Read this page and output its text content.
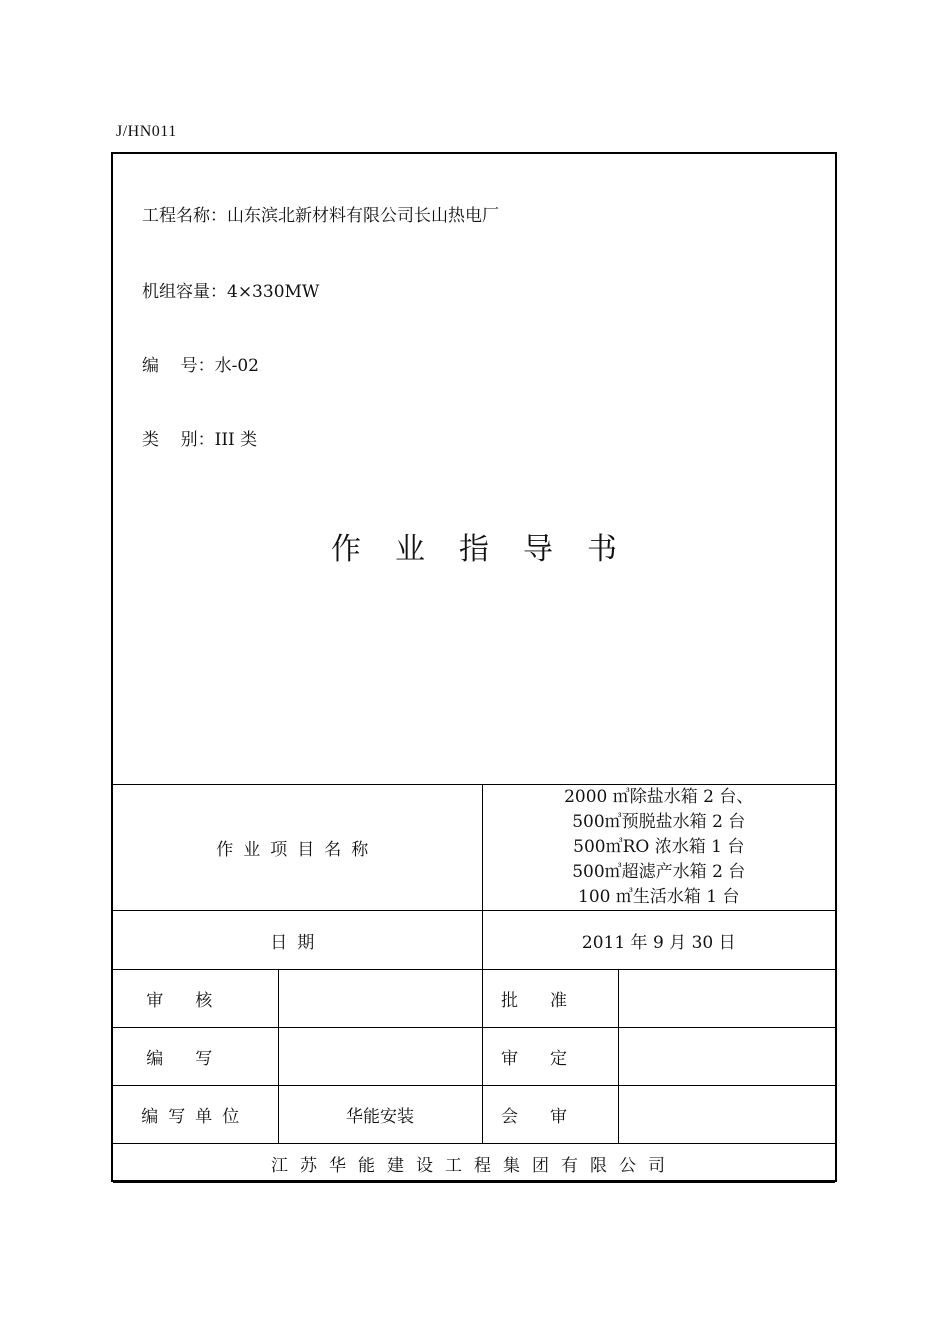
J/HN011
工程名称：山东滨北新材料有限公司长山热电厂
机组容量：4×330MW
编    号：水-02
类    别：III 类
作业指导书
作业项目名称		2000 ㎥除盐水箱 2 台、
500㎥预脱盐水箱 2 台
500㎥RO 浓水箱 1 台
500㎥超滤产水箱 2 台
100 ㎥生活水箱 1 台	

日期		2011 年 9 月 30 日	
审核		批准	
编写		审定	
编写单位	华能安装	会审	
江苏华能建设工程集团有限公司			
